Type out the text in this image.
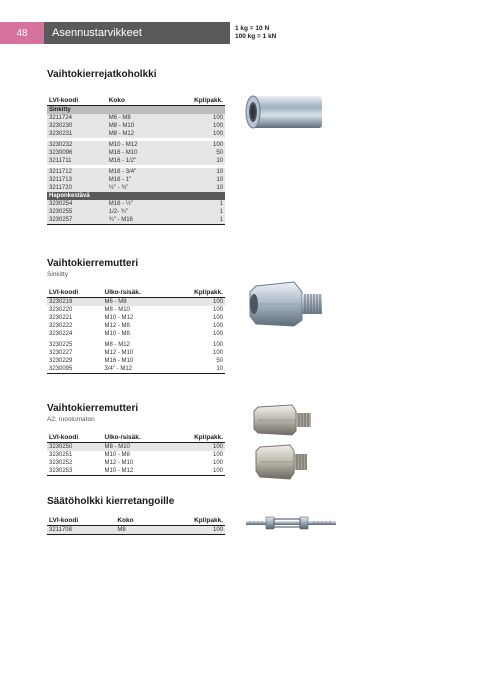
48	Asennustarvikkeet	1 kg = 10 N
100 kg = 1 kN
Vaihtokierrejatkoholkki
LVI-koodi	Koko	Kpl/pakk.
Sinkitty		
3211724	M6 - M8	100
3230230	M8 - M10	100
3230231	M8 - M12	100

3230232	M10 - M12	100
3230096	M16 - M10	50
3211711	M16 - 1/2"	10

3211712	M16 - 3/4"	10
3211713	M16 - 1"	10
3211720	½" - ¾"	10
Haponkestävä		
3230254	M16 - ½"	1
3230255	1/2- ¾"	1
3230257	¾" - M16	1
Vaihtokierremutteri
Sinkitty
LVI-koodi	Ulko-/sisäk.	Kpl/pakk.
3230219	M6 - M8	100
3230220	M8 - M10	100
3230221	M10 - M12	100
3230222	M12 - M8	100
3230224	M10 - M8	100

3230225	M8 - M12	100
3230227	M12 - M10	100
3230229	M16 - M10	50
3230095	3/4" - M12	10
Vaihtokierremutteri
A2, ruostumaton
LVI-koodi	Ulko-/sisäk.	Kpl/pakk.
3230250	M8 - M10	100
3230251	M10 - M8	100
3230252	M12 - M10	100
3230253	M10 - M12	100
Säätöholkki kierretangoille
LVI-koodi	Koko	Kpl/pakk.
3211708	M8	100
